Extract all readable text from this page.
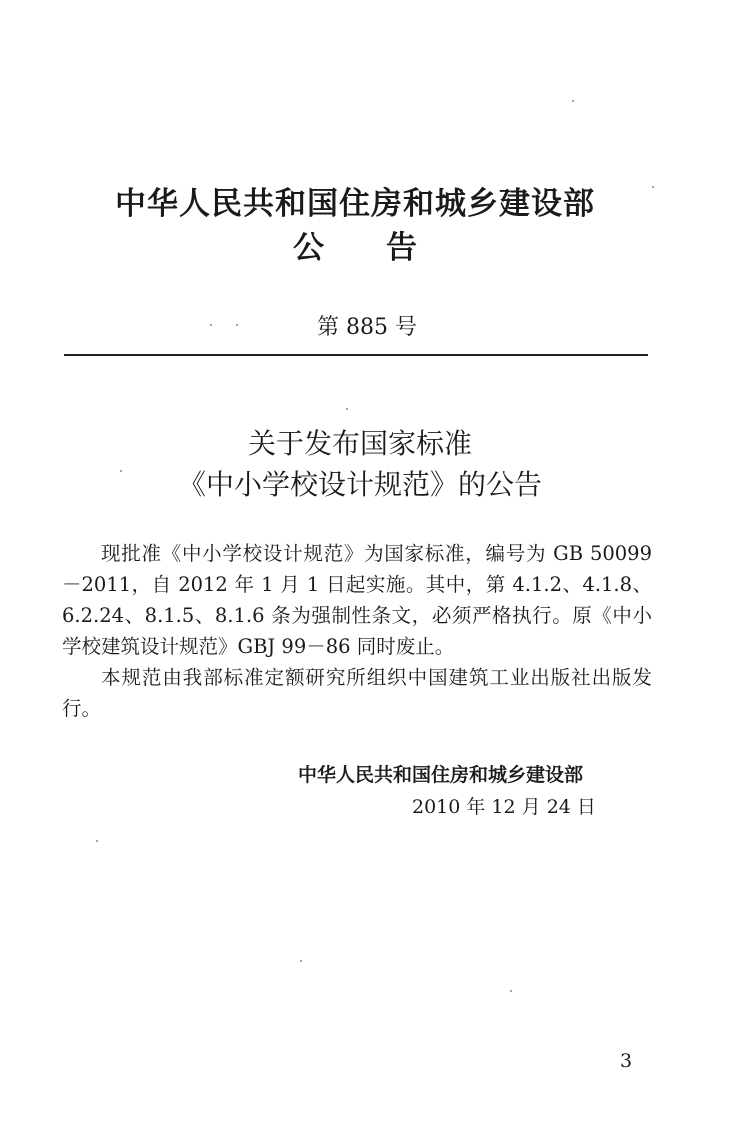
中华人民共和国住房和城乡建设部
公告
第 885 号
关于发布国家标准
《中小学校设计规范》的公告

现批准《中小学校设计规范》为国家标准，编号为 GB 50099－2011，自 2012 年 1 月 1 日起实施。其中，第 4.1.2、4.1.8、6.2.24、8.1.5、8.1.6 条为强制性条文，必须严格执行。原《中小学校建筑设计规范》GBJ 99－86 同时废止。

本规范由我部标准定额研究所组织中国建筑工业出版社出版发行。

中华人民共和国住房和城乡建设部
2010 年 12 月 24 日
3
